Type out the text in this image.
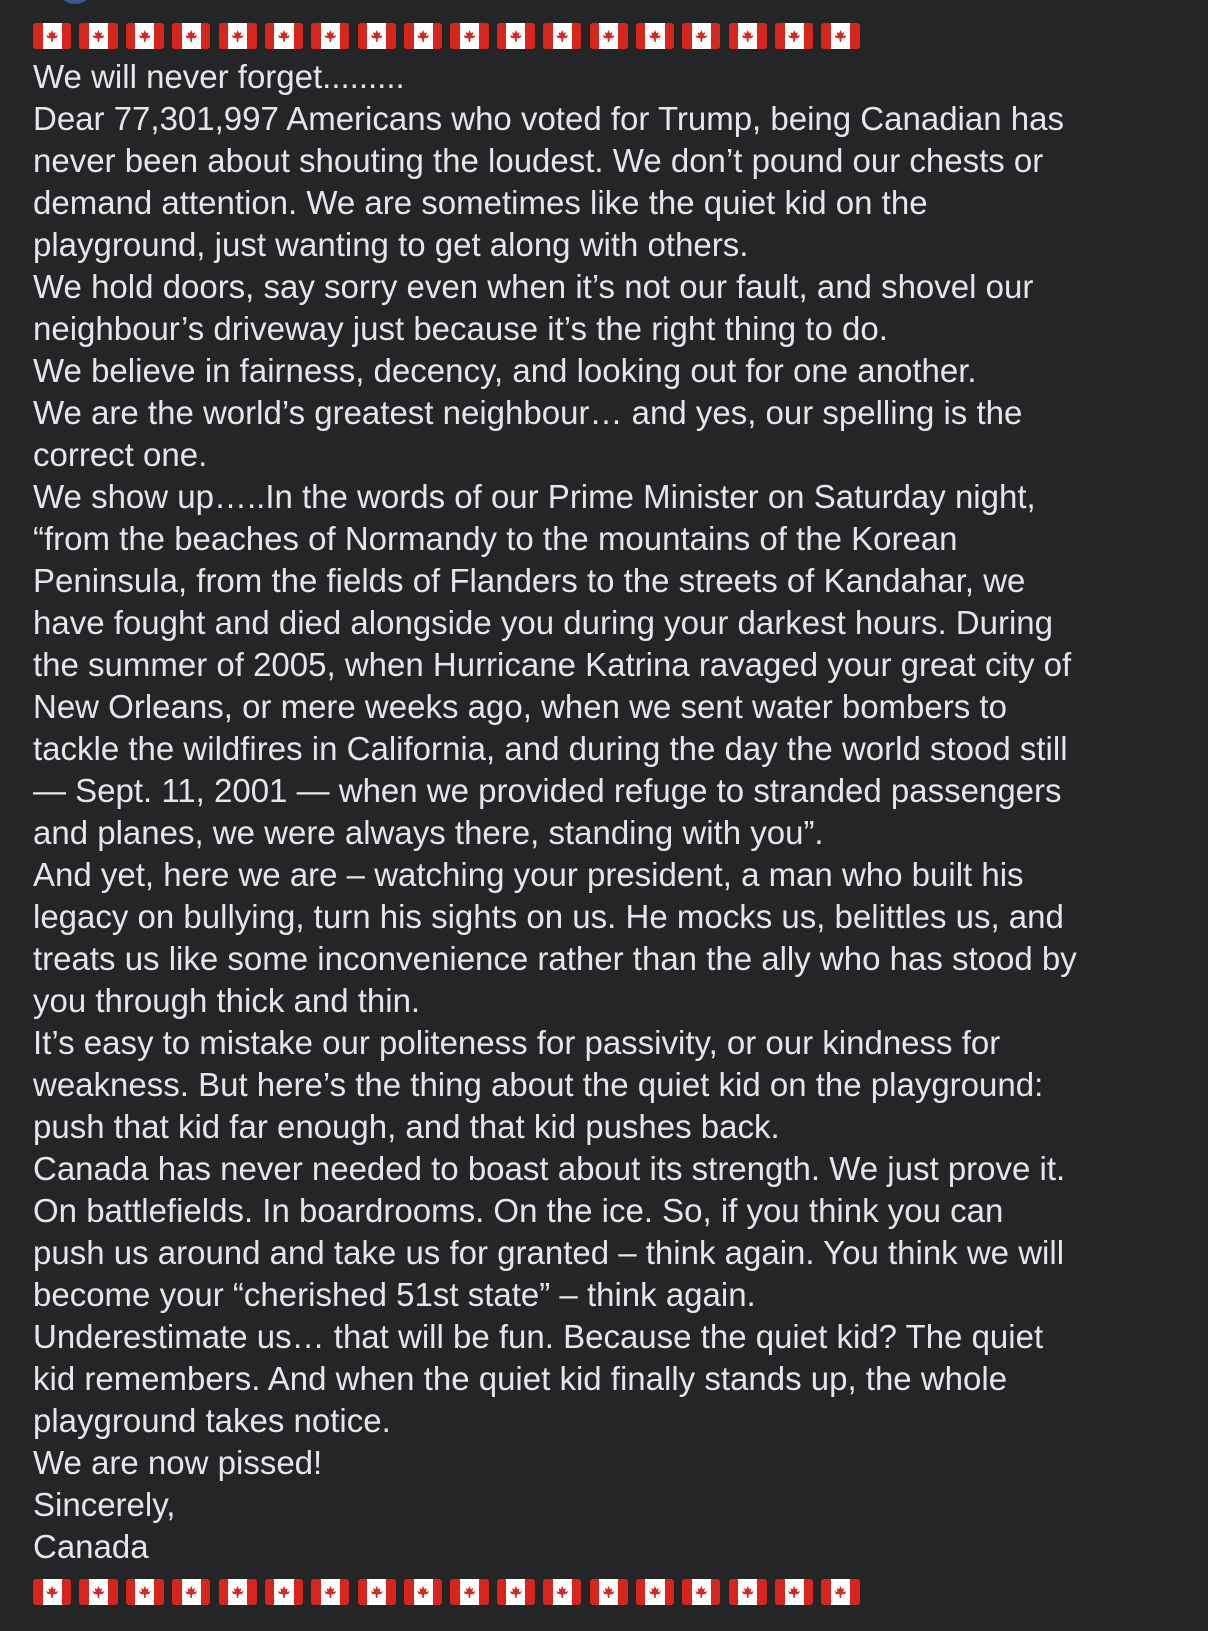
We will never forget.........
Dear 77,301,997 Americans who voted for Trump, being Canadian has
never been about shouting the loudest. We don’t pound our chests or
demand attention. We are sometimes like the quiet kid on the
playground, just wanting to get along with others.
We hold doors, say sorry even when it’s not our fault, and shovel our
neighbour’s driveway just because it’s the right thing to do.
We believe in fairness, decency, and looking out for one another.
We are the world’s greatest neighbour… and yes, our spelling is the
correct one.
We show up…..In the words of our Prime Minister on Saturday night,
“from the beaches of Normandy to the mountains of the Korean
Peninsula, from the fields of Flanders to the streets of Kandahar, we
have fought and died alongside you during your darkest hours. During
the summer of 2005, when Hurricane Katrina ravaged your great city of
New Orleans, or mere weeks ago, when we sent water bombers to
tackle the wildfires in California, and during the day the world stood still
— Sept. 11, 2001 — when we provided refuge to stranded passengers
and planes, we were always there, standing with you”.
And yet, here we are – watching your president, a man who built his
legacy on bullying, turn his sights on us. He mocks us, belittles us, and
treats us like some inconvenience rather than the ally who has stood by
you through thick and thin.
It’s easy to mistake our politeness for passivity, or our kindness for
weakness. But here’s the thing about the quiet kid on the playground:
push that kid far enough, and that kid pushes back.
Canada has never needed to boast about its strength. We just prove it.
On battlefields. In boardrooms. On the ice. So, if you think you can
push us around and take us for granted – think again. You think we will
become your “cherished 51st state” – think again.
Underestimate us… that will be fun. Because the quiet kid? The quiet
kid remembers. And when the quiet kid finally stands up, the whole
playground takes notice.
We are now pissed!
Sincerely,
Canada
